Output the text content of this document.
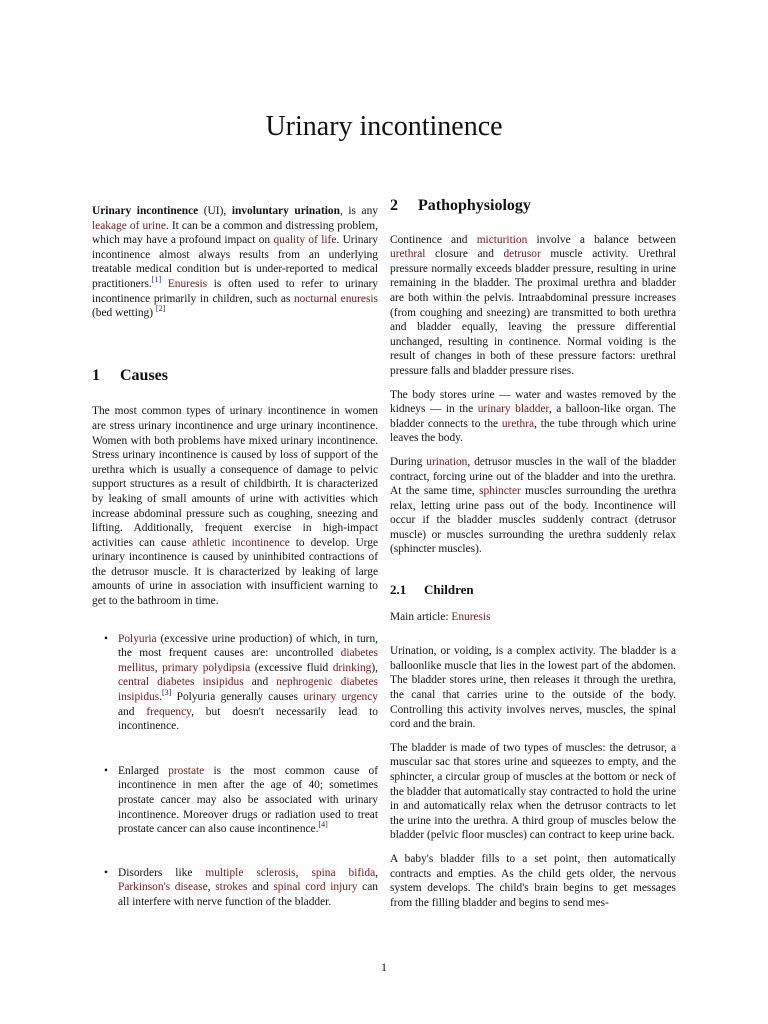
Urinary incontinence

Urinary incontinence (UI), involuntary urination, is any leakage of urine. It can be a common and distressing problem, which may have a profound impact on quality of life. Urinary incontinence almost always results from an underlying treatable medical condition but is under-reported to medical practitioners.[1] Enuresis is often used to refer to urinary incontinence primarily in children, such as nocturnal enuresis (bed wetting) [2]

1 Causes

The most common types of urinary incontinence in women are stress urinary incontinence and urge urinary incontinence. Women with both problems have mixed urinary incontinence. Stress urinary incontinence is caused by loss of support of the urethra which is usually a consequence of damage to pelvic support structures as a result of childbirth. It is characterized by leaking of small amounts of urine with activities which increase abdominal pressure such as coughing, sneezing and lifting. Additionally, frequent exercise in high-impact activities can cause athletic incontinence to develop. Urge urinary incontinence is caused by uninhibited contractions of the detrusor muscle. It is characterized by leaking of large amounts of urine in association with insufficient warning to get to the bathroom in time.

• Polyuria (excessive urine production) of which, in turn, the most frequent causes are: uncontrolled diabetes mellitus, primary polydipsia (excessive fluid drinking), central diabetes insipidus and nephrogenic diabetes insipidus.[3] Polyuria generally causes urinary urgency and frequency, but doesn't necessarily lead to incontinence.
• Enlarged prostate is the most common cause of incontinence in men after the age of 40; sometimes prostate cancer may also be associated with urinary incontinence. Moreover drugs or radiation used to treat prostate cancer can also cause incontinence.[4]
• Disorders like multiple sclerosis, spina bifida, Parkinson's disease, strokes and spinal cord injury can all interfere with nerve function of the bladder.
2 Pathophysiology

Continence and micturition involve a balance between urethral closure and detrusor muscle activity. Urethral pressure normally exceeds bladder pressure, resulting in urine remaining in the bladder. The proximal urethra and bladder are both within the pelvis. Intraabdominal pressure increases (from coughing and sneezing) are transmitted to both urethra and bladder equally, leaving the pressure differential unchanged, resulting in continence. Normal voiding is the result of changes in both of these pressure factors: urethral pressure falls and bladder pressure rises.

The body stores urine — water and wastes removed by the kidneys — in the urinary bladder, a balloon-like organ. The bladder connects to the urethra, the tube through which urine leaves the body.

During urination, detrusor muscles in the wall of the bladder contract, forcing urine out of the bladder and into the urethra. At the same time, sphincter muscles surrounding the urethra relax, letting urine pass out of the body. Incontinence will occur if the bladder muscles suddenly contract (detrusor muscle) or muscles surrounding the urethra suddenly relax (sphincter muscles).

2.1 Children

Main article: Enuresis

Urination, or voiding, is a complex activity. The bladder is a balloonlike muscle that lies in the lowest part of the abdomen. The bladder stores urine, then releases it through the urethra, the canal that carries urine to the outside of the body. Controlling this activity involves nerves, muscles, the spinal cord and the brain.

The bladder is made of two types of muscles: the detrusor, a muscular sac that stores urine and squeezes to empty, and the sphincter, a circular group of muscles at the bottom or neck of the bladder that automatically stay contracted to hold the urine in and automatically relax when the detrusor contracts to let the urine into the urethra. A third group of muscles below the bladder (pelvic floor muscles) can contract to keep urine back.

A baby's bladder fills to a set point, then automatically contracts and empties. As the child gets older, the nervous system develops. The child's brain begins to get messages from the filling bladder and begins to send mes-

1
